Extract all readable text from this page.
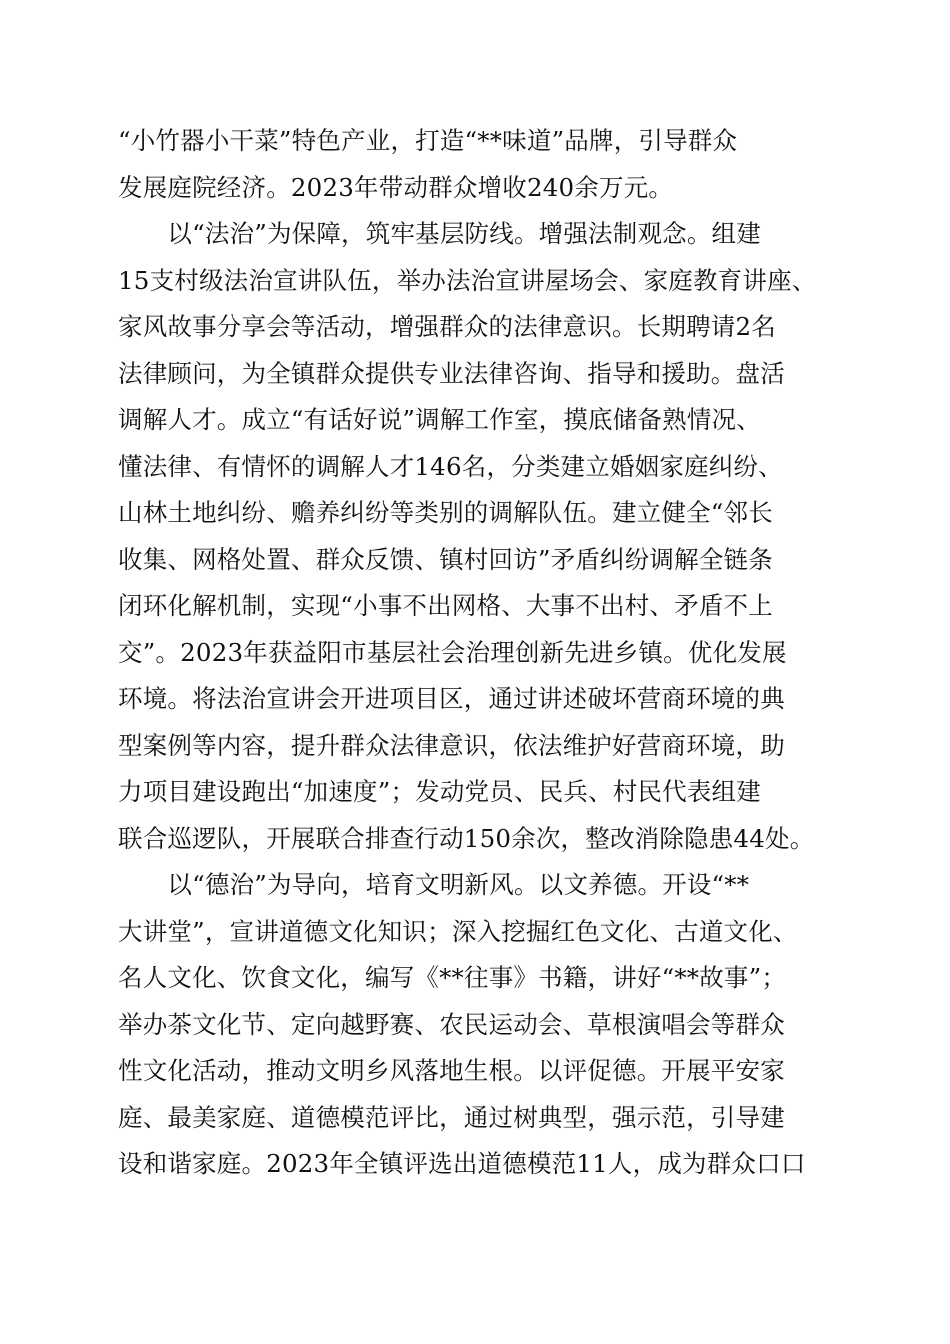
“小竹器小干菜”特色产业，打造“**味道”品牌，引导群众
发展庭院经济。2023年带动群众增收240余万元。
　　以“法治”为保障，筑牢基层防线。增强法制观念。组建
15支村级法治宣讲队伍，举办法治宣讲屋场会、家庭教育讲座、
家风故事分享会等活动，增强群众的法律意识。长期聘请2名
法律顾问，为全镇群众提供专业法律咨询、指导和援助。盘活
调解人才。成立“有话好说”调解工作室，摸底储备熟情况、
懂法律、有情怀的调解人才146名，分类建立婚姻家庭纠纷、
山林土地纠纷、赡养纠纷等类别的调解队伍。建立健全“邻长
收集、网格处置、群众反馈、镇村回访”矛盾纠纷调解全链条
闭环化解机制，实现“小事不出网格、大事不出村、矛盾不上
交”。2023年获益阳市基层社会治理创新先进乡镇。优化发展
环境。将法治宣讲会开进项目区，通过讲述破坏营商环境的典
型案例等内容，提升群众法律意识，依法维护好营商环境，助
力项目建设跑出“加速度”；发动党员、民兵、村民代表组建
联合巡逻队，开展联合排查行动150余次，整改消除隐患44处。
　　以“德治”为导向，培育文明新风。以文养德。开设“**
大讲堂”，宣讲道德文化知识；深入挖掘红色文化、古道文化、
名人文化、饮食文化，编写《**往事》书籍，讲好“**故事”；
举办茶文化节、定向越野赛、农民运动会、草根演唱会等群众
性文化活动，推动文明乡风落地生根。以评促德。开展平安家
庭、最美家庭、道德模范评比，通过树典型，强示范，引导建
设和谐家庭。2023年全镇评选出道德模范11人，成为群众口口
